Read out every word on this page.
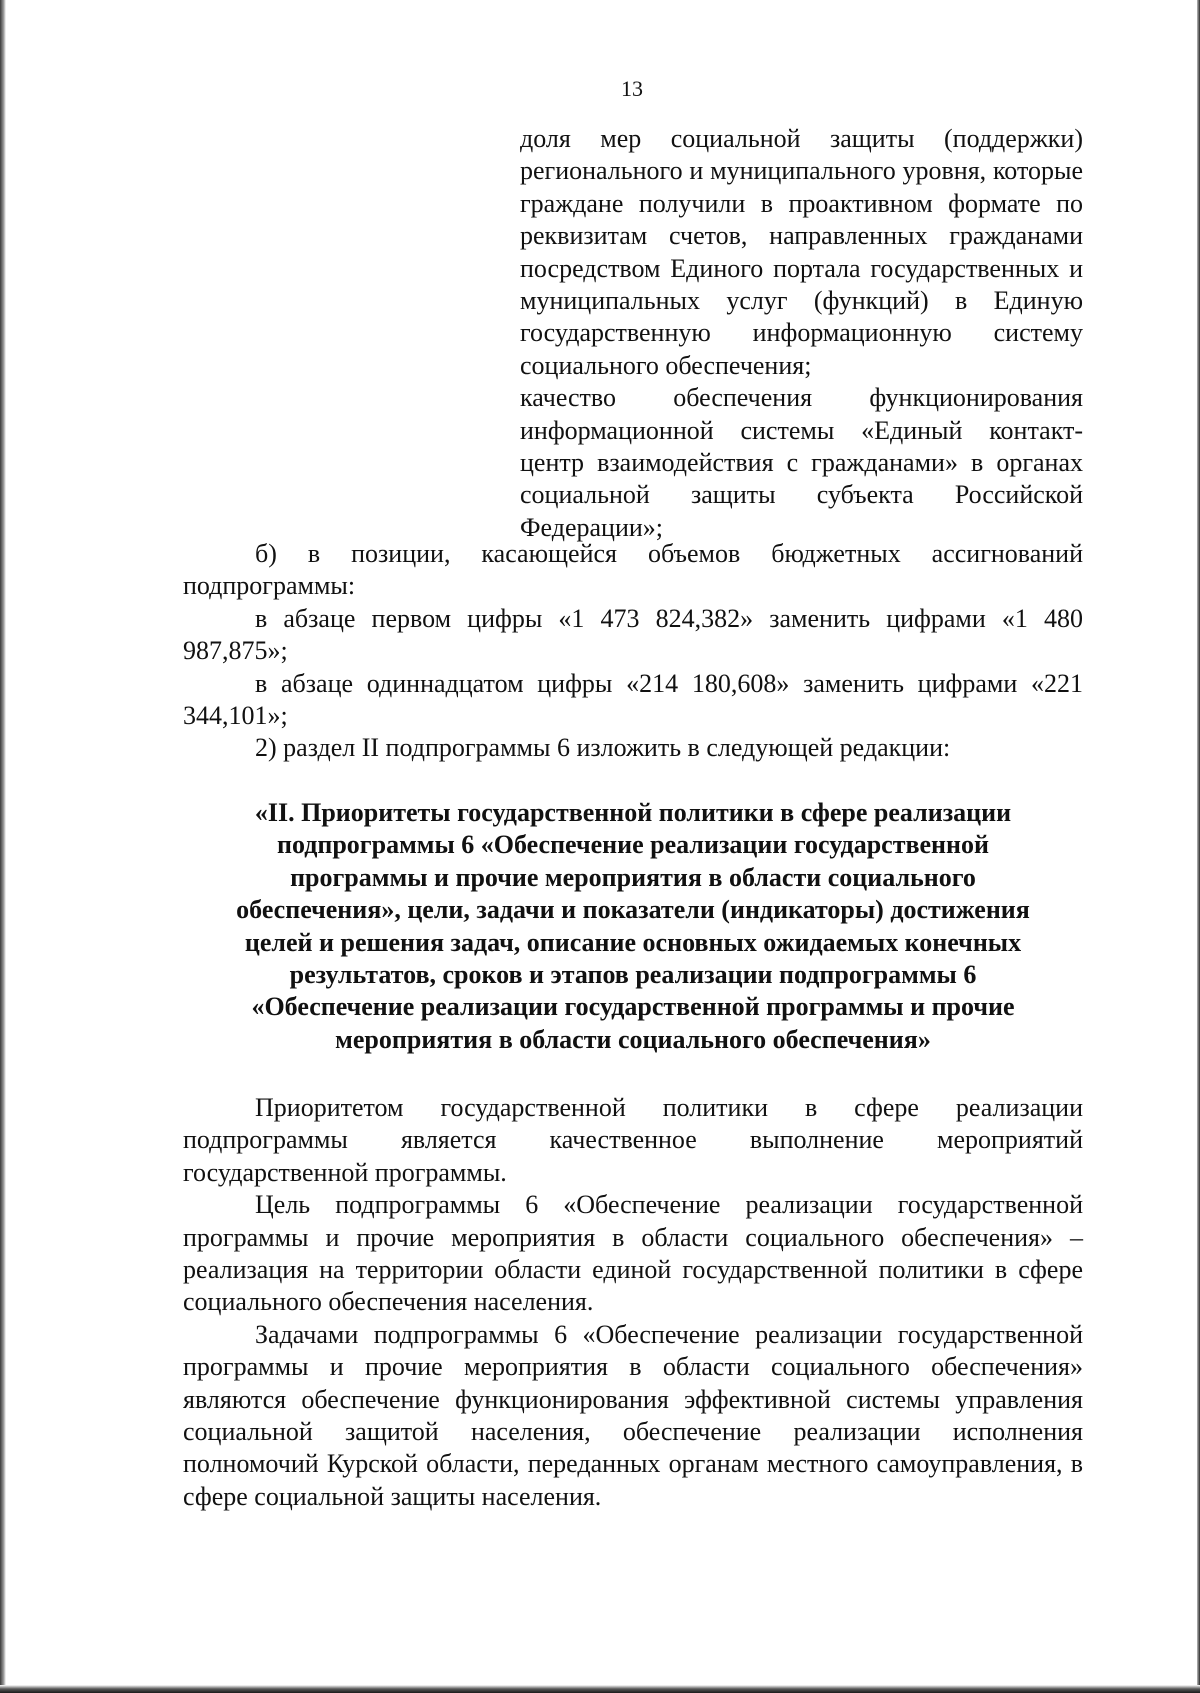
13

доля мер социальной защиты (поддержки) регионального и муниципального уровня, которые граждане получили в проактивном формате по реквизитам счетов, направленных гражданами посредством Единого портала государственных и муниципальных услуг (функций) в Единую государственную информационную систему социального обеспечения;

качество обеспечения функционирования информационной системы «Единый контакт-центр взаимодействия с гражданами» в органах социальной защиты субъекта Российской Федерации»;

б) в позиции, касающейся объемов бюджетных ассигнований подпрограммы:

в абзаце первом цифры «1 473 824,382» заменить цифрами «1 480 987,875»;

в абзаце одиннадцатом цифры «214 180,608» заменить цифрами «221 344,101»;

2) раздел II подпрограммы 6 изложить в следующей редакции:

«II. Приоритеты государственной политики в сфере реализации
подпрограммы 6 «Обеспечение реализации государственной
программы и прочие мероприятия в области социального
обеспечения», цели, задачи и показатели (индикаторы) достижения
целей и решения задач, описание основных ожидаемых конечных
результатов, сроков и этапов реализации подпрограммы 6
«Обеспечение реализации государственной программы и прочие
мероприятия в области социального обеспечения»

Приоритетом государственной политики в сфере реализации подпрограммы является качественное выполнение мероприятий государственной программы.

Цель подпрограммы 6 «Обеспечение реализации государственной программы и прочие мероприятия в области социального обеспечения» – реализация на территории области единой государственной политики в сфере социального обеспечения населения.

Задачами подпрограммы 6 «Обеспечение реализации государственной программы и прочие мероприятия в области социального обеспечения» являются обеспечение функционирования эффективной системы управления социальной защитой населения, обеспечение реализации исполнения полномочий Курской области, переданных органам местного самоуправления, в сфере социальной защиты населения.
